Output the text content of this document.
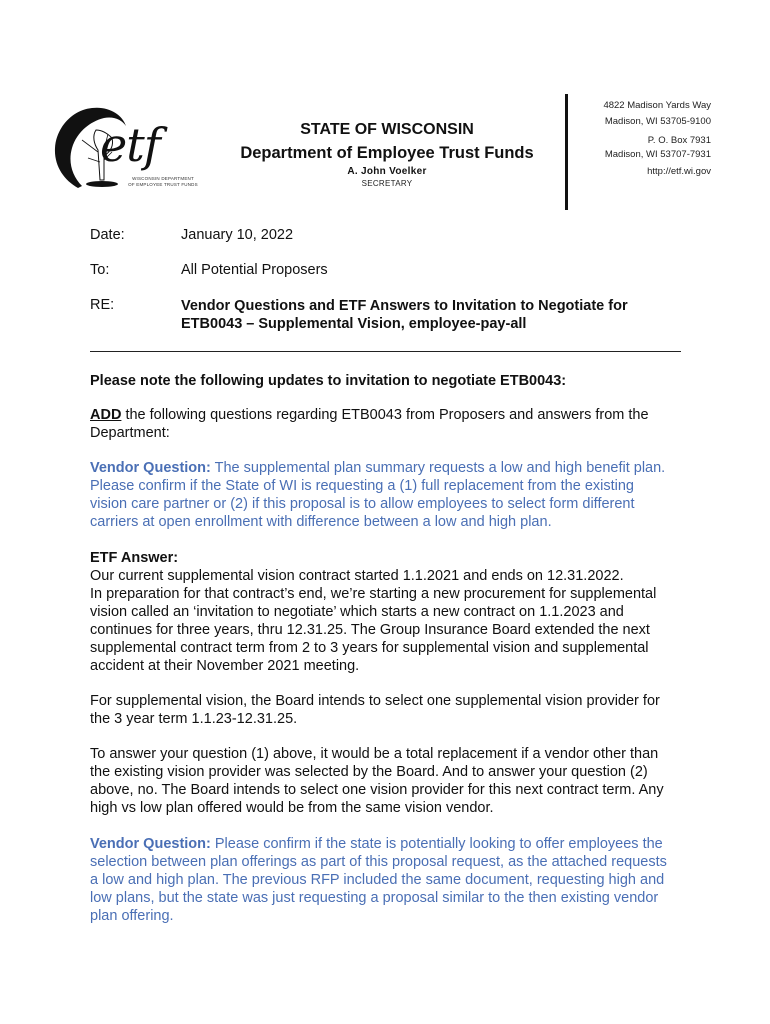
etf
WISCONSIN DEPARTMENT
OF EMPLOYEE TRUST FUNDS
STATE OF WISCONSIN
Department of Employee Trust Funds
A. John Voelker
SECRETARY
4822 Madison Yards Way
Madison, WI 53705-9100
P. O. Box 7931
Madison, WI 53707-7931
http://etf.wi.gov
Date:	January 10, 2022
To:	All Potential Proposers
RE:	Vendor Questions and ETF Answers to Invitation to Negotiate for
ETB0043 – Supplemental Vision, employee-pay-all
Please note the following updates to invitation to negotiate ETB0043:
ADD the following questions regarding ETB0043 from Proposers and answers from the
Department:
Vendor Question: The supplemental plan summary requests a low and high benefit plan.
Please confirm if the State of WI is requesting a (1) full replacement from the existing
vision care partner or (2) if this proposal is to allow employees to select form different
carriers at open enrollment with difference between a low and high plan.
ETF Answer:
Our current supplemental vision contract started 1.1.2021 and ends on 12.31.2022.
In preparation for that contract’s end, we’re starting a new procurement for supplemental
vision called an ‘invitation to negotiate’ which starts a new contract on 1.1.2023 and
continues for three years, thru 12.31.25. The Group Insurance Board extended the next
supplemental contract term from 2 to 3 years for supplemental vision and supplemental
accident at their November 2021 meeting.
For supplemental vision, the Board intends to select one supplemental vision provider for
the 3 year term 1.1.23-12.31.25.
To answer your question (1) above, it would be a total replacement if a vendor other than
the existing vision provider was selected by the Board. And to answer your question (2)
above, no. The Board intends to select one vision provider for this next contract term. Any
high vs low plan offered would be from the same vision vendor.
Vendor Question: Please confirm if the state is potentially looking to offer employees the
selection between plan offerings as part of this proposal request, as the attached requests
a low and high plan. The previous RFP included the same document, requesting high and
low plans, but the state was just requesting a proposal similar to the then existing vendor
plan offering.
